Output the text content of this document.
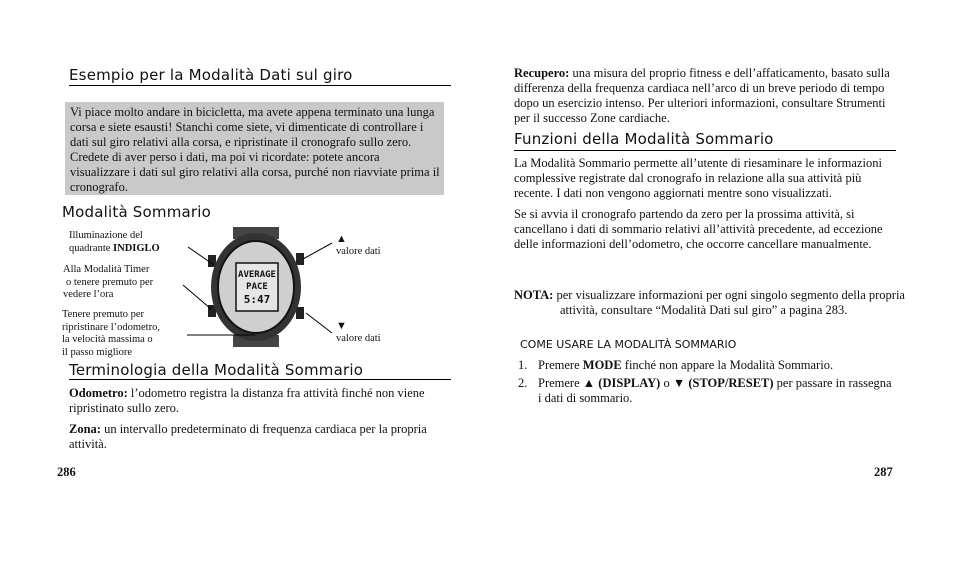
Esempio per la Modalità Dati sul giro
Vi piace molto andare in bicicletta, ma avete appena terminato una lunga corsa e siete esausti! Stanchi come siete, vi dimenticate di controllare i dati sul giro relativi alla corsa, e ripristinate il cronografo sullo zero. Credete di aver perso i dati, ma poi vi ricordate: potete ancora visualizzare i dati sul giro relativi alla corsa, purché non riavviate prima il cronografo.
Modalità Sommario
Illuminazione del
quadrante INDIGLO
Alla Modalità Timer
o tenere premuto per
vedere l’ora
Tenere premuto per
ripristinare l’odometro,
la velocità massima o
il passo migliore
▲
valore dati
▼
valore dati
AVERAGE
PACE
5:47
Terminologia della Modalità Sommario

Odometro: l’odometro registra la distanza fra attività finché non viene ripristinato sullo zero.

Zona: un intervallo predeterminato di frequenza cardiaca per la propria attività.

286
Recupero: una misura del proprio fitness e dell’affaticamento, basato sulla differenza della frequenza cardiaca nell’arco di un breve periodo di tempo dopo un esercizio intenso. Per ulteriori informazioni, consultare Strumenti per il successo Zone cardiache.
Funzioni della Modalità Sommario

La Modalità Sommario permette all’utente di riesaminare le informazioni complessive registrate dal cronografo in relazione alla sua attività più recente. I dati non vengono aggiornati mentre sono visualizzati.

Se si avvia il cronografo partendo da zero per la prossima attività, si cancellano i dati di sommario relativi all’attività precedente, ad eccezione delle informazioni dell’odometro, che occorre cancellare manualmente.

NOTA: per visualizzare informazioni per ogni singolo segmento della propria attività, consultare “Modalità Dati sul giro” a pagina 283.
COME USARE LA MODALITÀ SOMMARIO
1. Premere MODE finché non appare la Modalità Sommario.
2. Premere ▲ (DISPLAY) o ▼ (STOP/RESET) per passare in rassegna i dati di sommario.
287
